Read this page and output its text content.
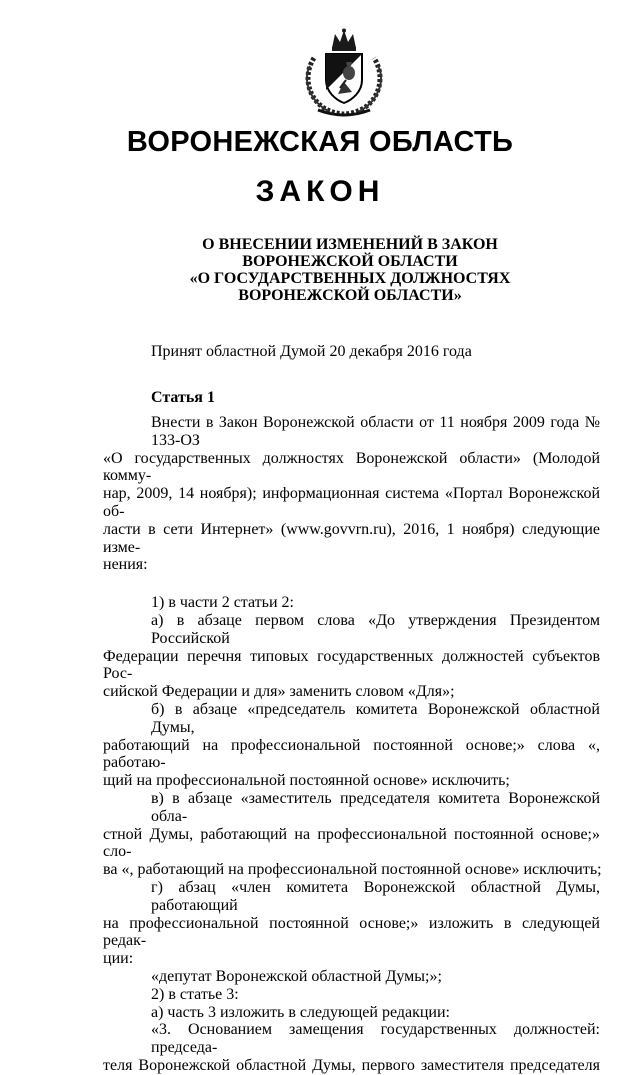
ВОРОНЕЖСКАЯ ОБЛАСТЬ
ЗАКОН
О ВНЕСЕНИИ ИЗМЕНЕНИЙ В ЗАКОН
ВОРОНЕЖСКОЙ ОБЛАСТИ
«О ГОСУДАРСТВЕННЫХ ДОЛЖНОСТЯХ
ВОРОНЕЖСКОЙ ОБЛАСТИ»
Принят областной Думой 20 декабря 2016 года
Статья 1
Внести в Закон Воронежской области от 11 ноября 2009 года № 133-ОЗ
«О государственных должностях Воронежской области» (Молодой комму-
нар, 2009, 14 ноября); информационная система «Портал Воронежской об-
ласти в сети Интернет» (www.govvrn.ru), 2016, 1 ноября) следующие изме-
нения:
1) в части 2 статьи 2:
а) в абзаце первом слова «До утверждения Президентом Российской
Федерации перечня типовых государственных должностей субъектов Рос-
сийской Федерации и для» заменить словом «Для»;
б) в абзаце «председатель комитета Воронежской областной Думы,
работающий на профессиональной постоянной основе;» слова «, работаю-
щий на профессиональной постоянной основе» исключить;
в) в абзаце «заместитель председателя комитета Воронежской обла-
стной Думы, работающий на профессиональной постоянной основе;» сло-
ва «, работающий на профессиональной постоянной основе» исключить;
г) абзац «член комитета Воронежской областной Думы, работающий
на профессиональной постоянной основе;» изложить в следующей редак-
ции:
«депутат Воронежской областной Думы;»;
2) в статье 3:
а) часть 3 изложить в следующей редакции:
«3. Основанием замещения государственных должностей: председа-
теля Воронежской областной Думы, первого заместителя председателя
